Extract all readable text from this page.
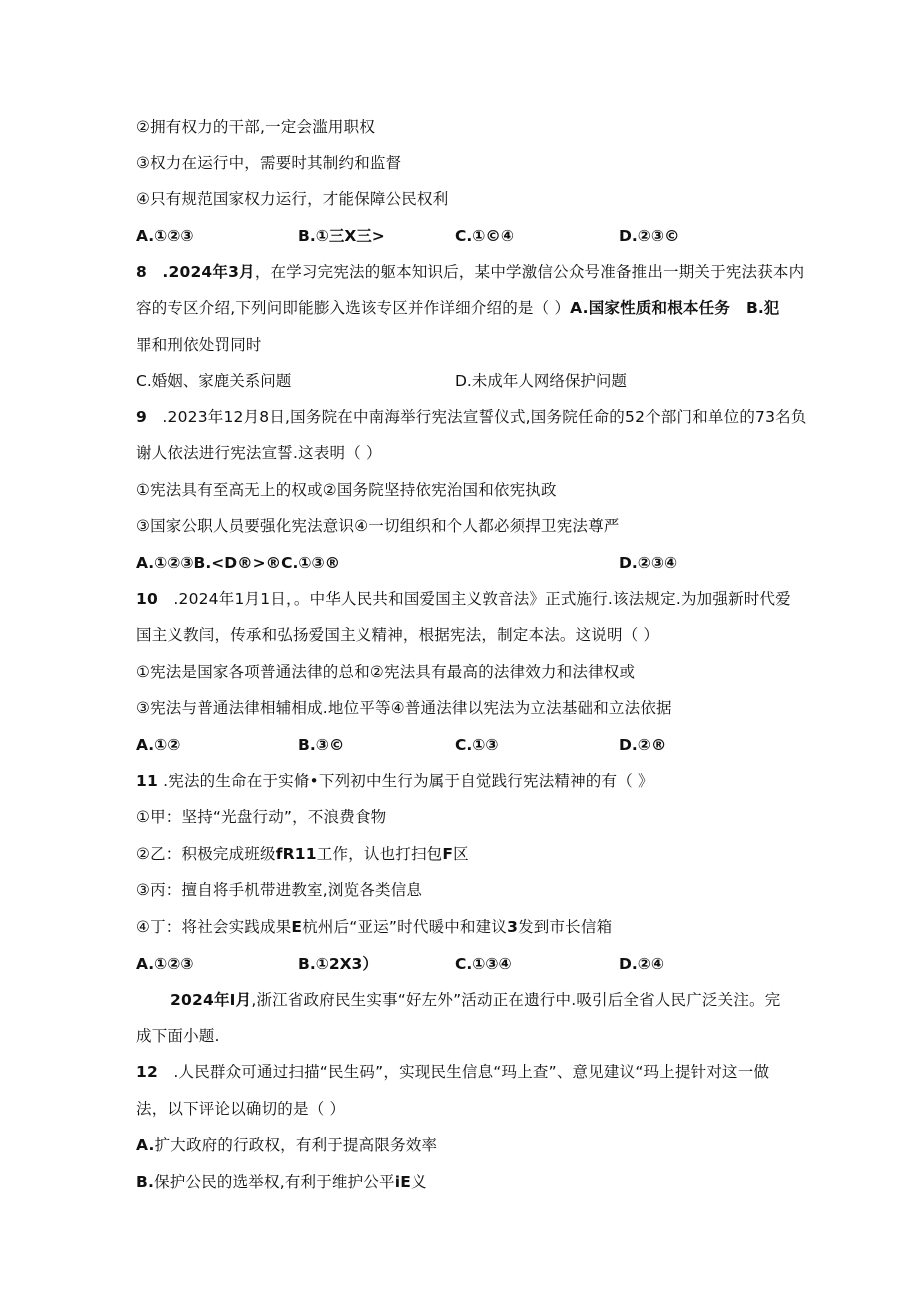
②拥有权力的干部,一定会滥用职权
③权力在运行中，需要时其制约和监督
④只有规范国家权力运行，才能保障公民权利
A.①②③	B.①三X三>	C.①©④	D.②③©
8 .2024年3月，在学习完宪法的躯本知识后，某中学激信公众号准备推出一期关于宪法获本内
容的专区介绍,下列问即能膨入选该专区并作详细介绍的是（ ）A.国家性质和根本任务 B.犯
罪和刑依处罚同时
C.婚姻、家鹿关系问题	D.未成年人网络保护问题
9 .2023年12月8日,国务院在中南海举行宪法宣誓仪式,国务院任命的52个部门和单位的73名负
谢人依法进行宪法宣誓.这表明（ ）
①宪法具有至高无上的权或②国务院坚持依宪治国和依宪执政
③国家公职人员要强化宪法意识④一切组织和个人都必须捍卫宪法尊严
A.①②③B.<D®>®C.①③®	D.②③④
10 .2024年1月1日，。中华人民共和国爱国主义敦音法》正式施行.该法规定.为加强新时代爱
国主义教闫，传承和弘扬爱国主义精神，根据宪法，制定本法。这说明（ ）
①宪法是国家各项普通法律的总和②宪法具有最高的法律效力和法律权或
③宪法与普通法律相辅相成.地位平等④普通法律以宪法为立法基础和立法依据
A.①②	B.③©	C.①③	D.②®
11 .宪法的生命在于实脩•下列初中生行为属于自觉践行宪法精神的有（ 》
①甲：坚持“光盘行动”，不浪费食物
②乙：积极完成班级fR11工作，认也打扫包F区
③丙：擅自将手机带进教室,浏览各类信息
④丁：将社会实践成果E杭州后“亚运”时代暖中和建议3发到市长信箱
A.①②③	B.①2X3）	C.①③④	D.②④
2024年I月,浙江省政府民生实事“好左外”活动正在遗行中.吸引后全省人民广泛关注。完
成下面小题.
12 .人民群众可通过扫描“民生码”，实现民生信息“玛上查”、意见建议“玛上提针对这一做
法，以下评论以确切的是（ ）
A.扩大政府的行政权，有利于提高限务效率
B.保护公民的选举权,有利于维护公平iE义
